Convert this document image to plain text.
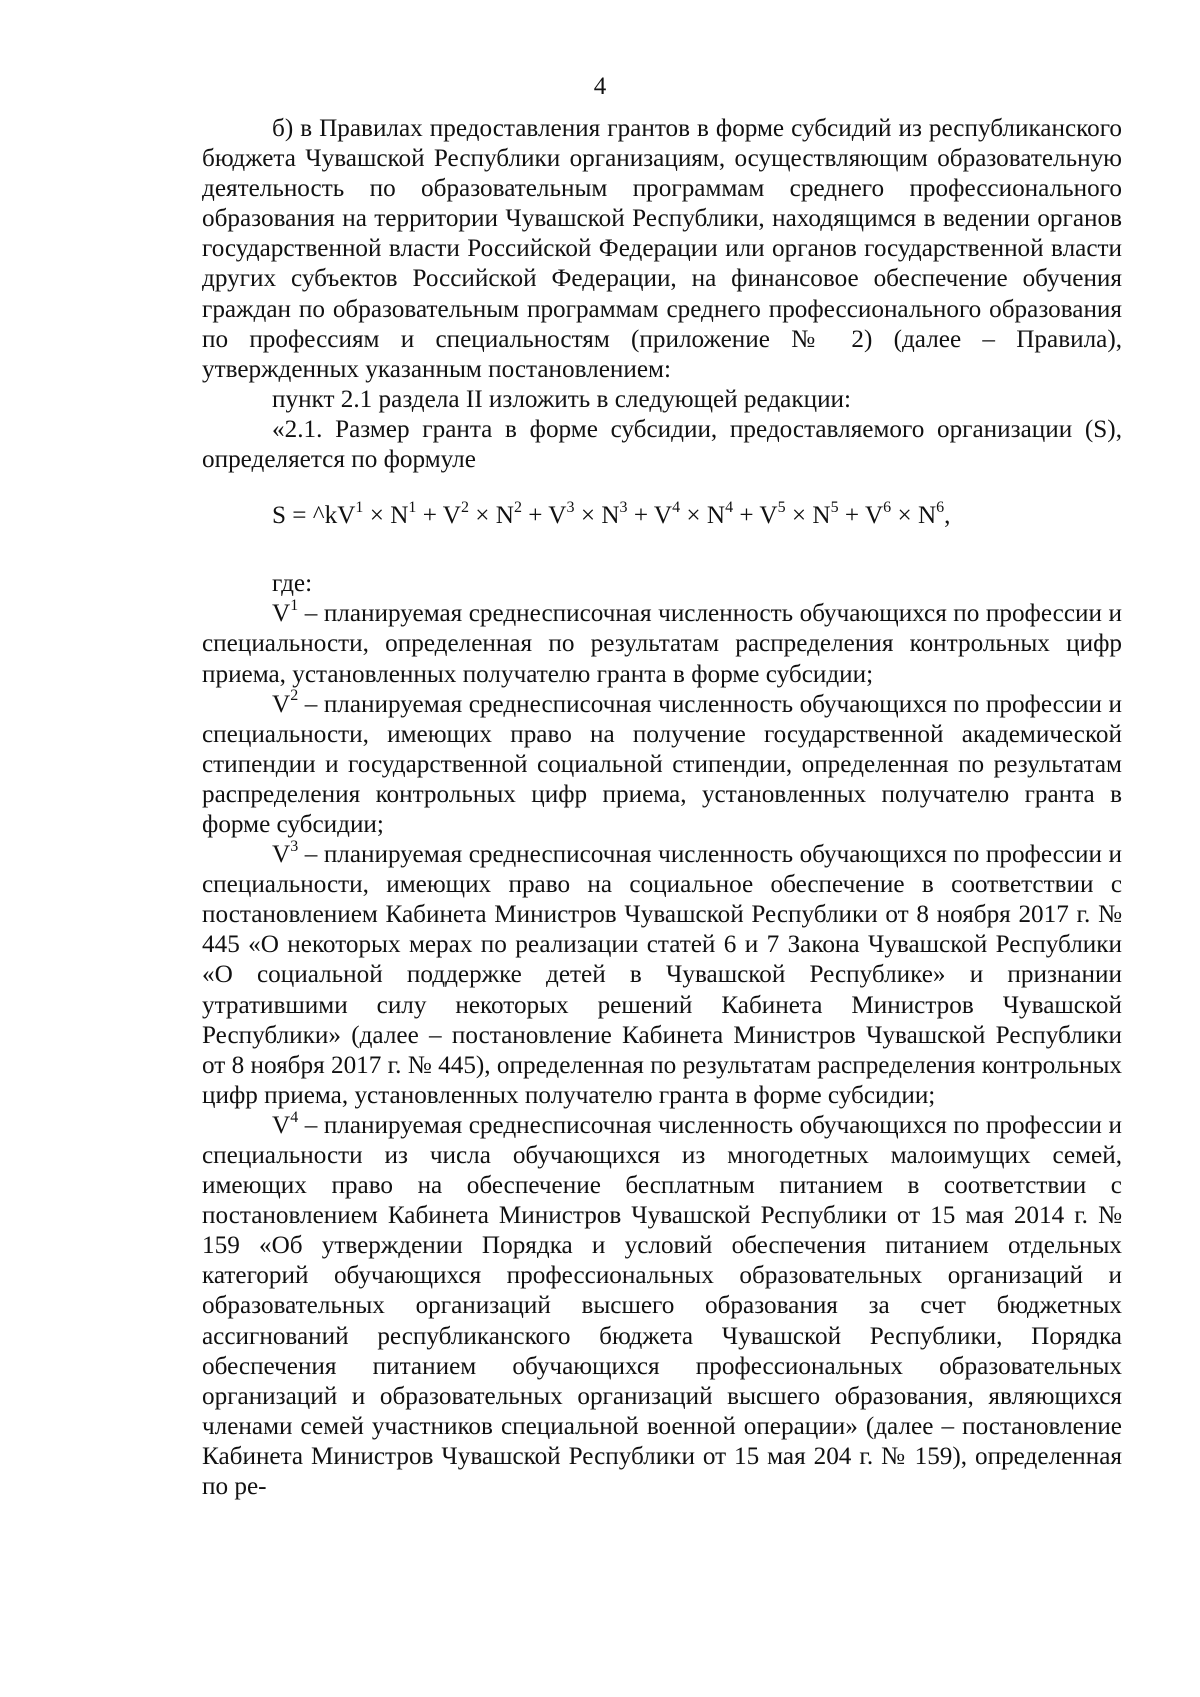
4

б) в Правилах предоставления грантов в форме субсидий из республиканского бюджета Чувашской Республики организациям, осуществляющим образовательную деятельность по образовательным программам среднего профессионального образования на территории Чувашской Республики, находящимся в ведении органов государственной власти Российской Федерации или органов государственной власти других субъектов Российской Федерации, на финансовое обеспечение обучения граждан по образовательным программам среднего профессионального образования по профессиям и специальностям (приложение № 2) (далее – Правила), утвержденных указанным постановлением:

пункт 2.1 раздела II изложить в следующей редакции:

«2.1. Размер гранта в форме субсидии, предоставляемого организации (S), определяется по формуле

$S = \^{}kV^1 \times N^1 + V^2 \times N^2 + V^3 \times N^3 + V^4 \times N^4 + V^5 \times N^5 + V^6 \times N^6$,

где:

$V^1$ – планируемая среднесписочная численность обучающихся по профессии и специальности, определенная по результатам распределения контрольных цифр приема, установленных получателю гранта в форме субсидии;

$V^2$ – планируемая среднесписочная численность обучающихся по профессии и специальности, имеющих право на получение государственной академической стипендии и государственной социальной стипендии, определенная по результатам распределения контрольных цифр приема, установленных получателю гранта в форме субсидии;

$V^3$ – планируемая среднесписочная численность обучающихся по профессии и специальности, имеющих право на социальное обеспечение в соответствии с постановлением Кабинета Министров Чувашской Республики от 8 ноября 2017 г. № 445 «О некоторых мерах по реализации статей 6 и 7 Закона Чувашской Республики «О социальной поддержке детей в Чувашской Республике» и признании утратившими силу некоторых решений Кабинета Министров Чувашской Республики» (далее – постановление Кабинета Министров Чувашской Республики от 8 ноября 2017 г. № 445), определенная по результатам распределения контрольных цифр приема, установленных получателю гранта в форме субсидии;

$V^4$ – планируемая среднесписочная численность обучающихся по профессии и специальности из числа обучающихся из многодетных малоимущих семей, имеющих право на обеспечение бесплатным питанием в соответствии с постановлением Кабинета Министров Чувашской Республики от 15 мая 2014 г. № 159 «Об утверждении Порядка и условий обеспечения питанием отдельных категорий обучающихся профессиональных образовательных организаций и образовательных организаций высшего образования за счет бюджетных ассигнований республиканского бюджета Чувашской Республики, Порядка обеспечения питанием обучающихся профессиональных образовательных организаций и образовательных организаций высшего образования, являющихся членами семей участников специальной военной операции» (далее – постановление Кабинета Министров Чувашской Республики от 15 мая 204 г. № 159), определенная по ре-
